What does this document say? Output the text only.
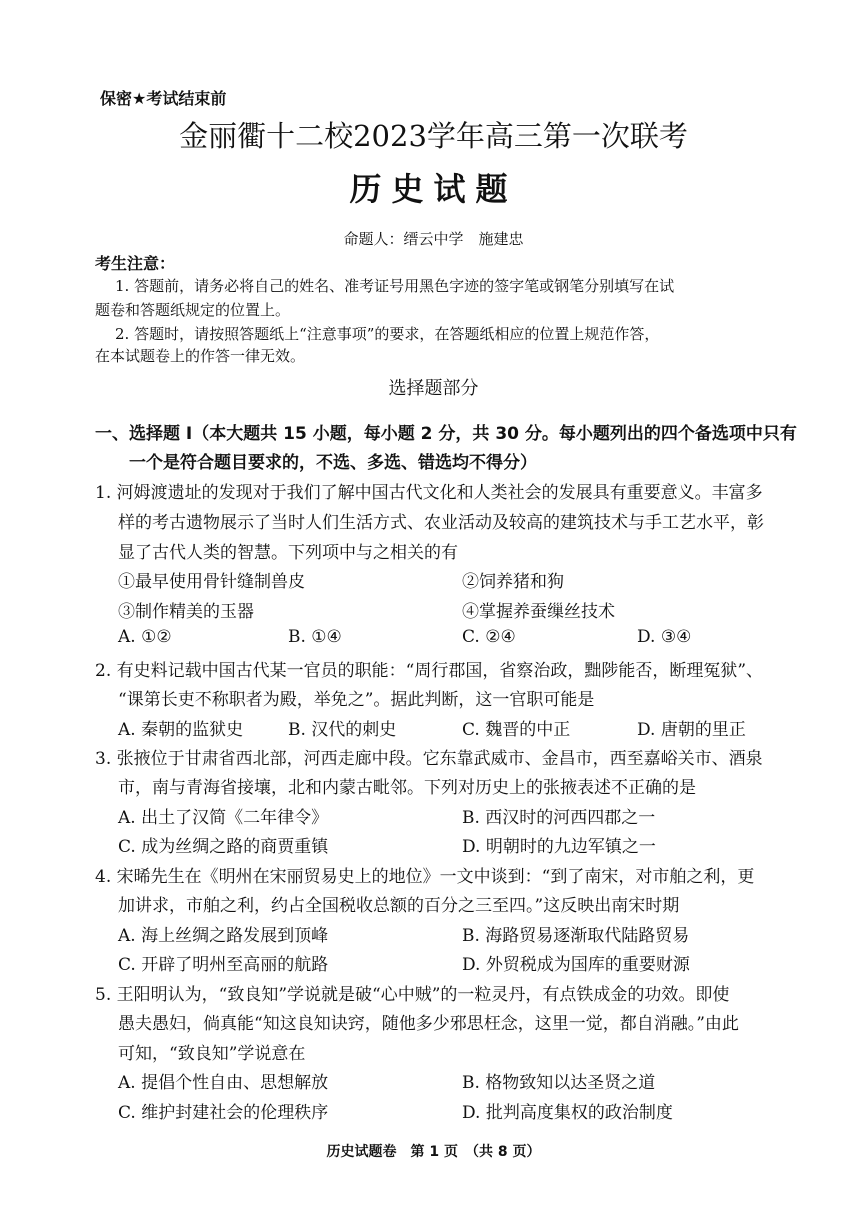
保密★考试结束前
金丽衢十二校2023学年高三第一次联考
历史试题
命题人：缙云中学　施建忠
考生注意：
1. 答题前，请务必将自己的姓名、准考证号用黑色字迹的签字笔或钢笔分别填写在试
题卷和答题纸规定的位置上。
2. 答题时，请按照答题纸上“注意事项”的要求，在答题纸相应的位置上规范作答，
在本试题卷上的作答一律无效。
选择题部分
一、选择题 I（本大题共 15 小题，每小题 2 分，共 30 分。每小题列出的四个备选项中只有
一个是符合题目要求的，不选、多选、错选均不得分）
1. 河姆渡遗址的发现对于我们了解中国古代文化和人类社会的发展具有重要意义。丰富多
样的考古遗物展示了当时人们生活方式、农业活动及较高的建筑技术与手工艺水平，彰
显了古代人类的智慧。下列项中与之相关的有
①最早使用骨针缝制兽皮	②饲养猪和狗
③制作精美的玉器	④掌握养蚕缫丝技术
A. ①②	B. ①④	C. ②④	D. ③④
2. 有史料记载中国古代某一官员的职能：“周行郡国，省察治政，黜陟能否，断理冤狱”、
“课第长吏不称职者为殿，举免之”。据此判断，这一官职可能是
A. 秦朝的监狱史	B. 汉代的刺史	C. 魏晋的中正	D. 唐朝的里正
3. 张掖位于甘肃省西北部，河西走廊中段。它东靠武威市、金昌市，西至嘉峪关市、酒泉
市，南与青海省接壤，北和内蒙古毗邻。下列对历史上的张掖表述不正确的是
A. 出土了汉简《二年律令》	B. 西汉时的河西四郡之一
C. 成为丝绸之路的商贾重镇	D. 明朝时的九边军镇之一
4. 宋晞先生在《明州在宋丽贸易史上的地位》一文中谈到：“到了南宋，对市舶之利，更
加讲求，市舶之利，约占全国税收总额的百分之三至四。”这反映出南宋时期
A. 海上丝绸之路发展到顶峰	B. 海路贸易逐渐取代陆路贸易
C. 开辟了明州至高丽的航路	D. 外贸税成为国库的重要财源
5. 王阳明认为，“致良知”学说就是破“心中贼”的一粒灵丹，有点铁成金的功效。即使
愚夫愚妇，倘真能“知这良知诀窍，随他多少邪思枉念，这里一觉，都自消融。”由此
可知，“致良知”学说意在
A. 提倡个性自由、思想解放	B. 格物致知以达圣贤之道
C. 维护封建社会的伦理秩序	D. 批判高度集权的政治制度
历史试题卷　第 1 页　（共 8 页）
